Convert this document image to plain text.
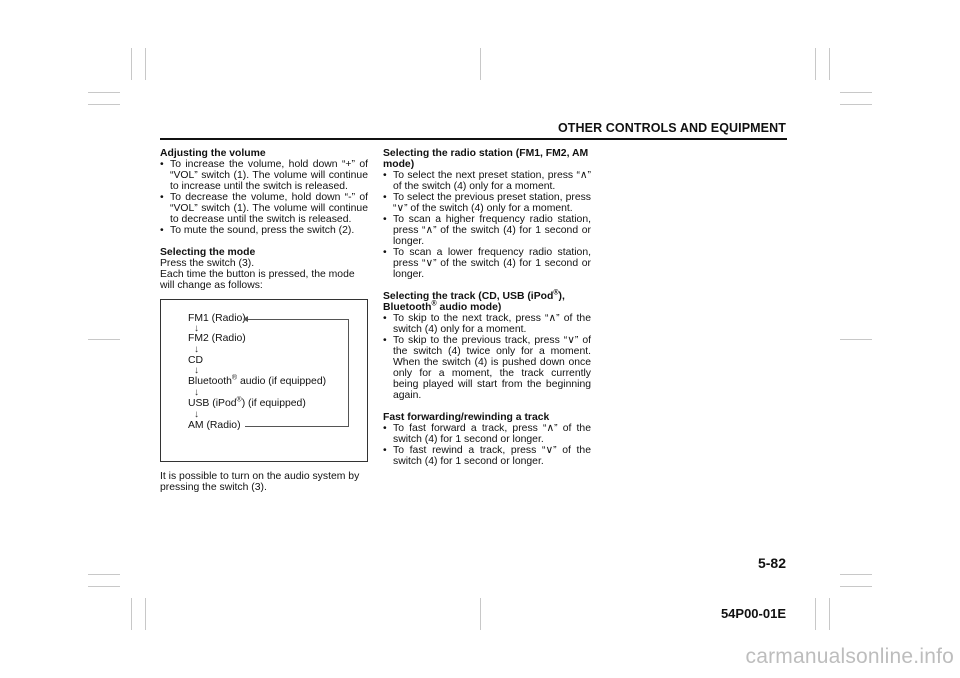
OTHER CONTROLS AND EQUIPMENT
Adjusting the volume
• To increase the volume, hold down “+” of “VOL” switch (1). The volume will continue to increase until the switch is released.
• To decrease the volume, hold down “-” of “VOL” switch (1). The volume will continue to decrease until the switch is released.
• To mute the sound, press the switch (2).
Selecting the mode
Press the switch (3).
Each time the button is pressed, the mode will change as follows:
FM1 (Radio)
↓
FM2 (Radio)
↓
CD
↓
Bluetooth® audio (if equipped)
↓
USB (iPod®) (if equipped)
↓
AM (Radio)
It is possible to turn on the audio system by pressing the switch (3).
Selecting the radio station (FM1, FM2, AM mode)
• To select the next preset station, press “∧” of the switch (4) only for a moment.
• To select the previous preset station, press “∨” of the switch (4) only for a moment.
• To scan a higher frequency radio station, press “∧” of the switch (4) for 1 second or longer.
• To scan a lower frequency radio station, press “∨” of the switch (4) for 1 second or longer.
Selecting the track (CD, USB (iPod®),
Bluetooth® audio mode)
• To skip to the next track, press “∧” of the switch (4) only for a moment.
• To skip to the previous track, press “∨” of the switch (4) twice only for a moment. When the switch (4) is pushed down once only for a moment, the track currently being played will start from the beginning again.
Fast forwarding/rewinding a track
• To fast forward a track, press “∧” of the switch (4) for 1 second or longer.
• To fast rewind a track, press “∨” of the switch (4) for 1 second or longer.
5-82
54P00-01E
carmanualsonline.info
